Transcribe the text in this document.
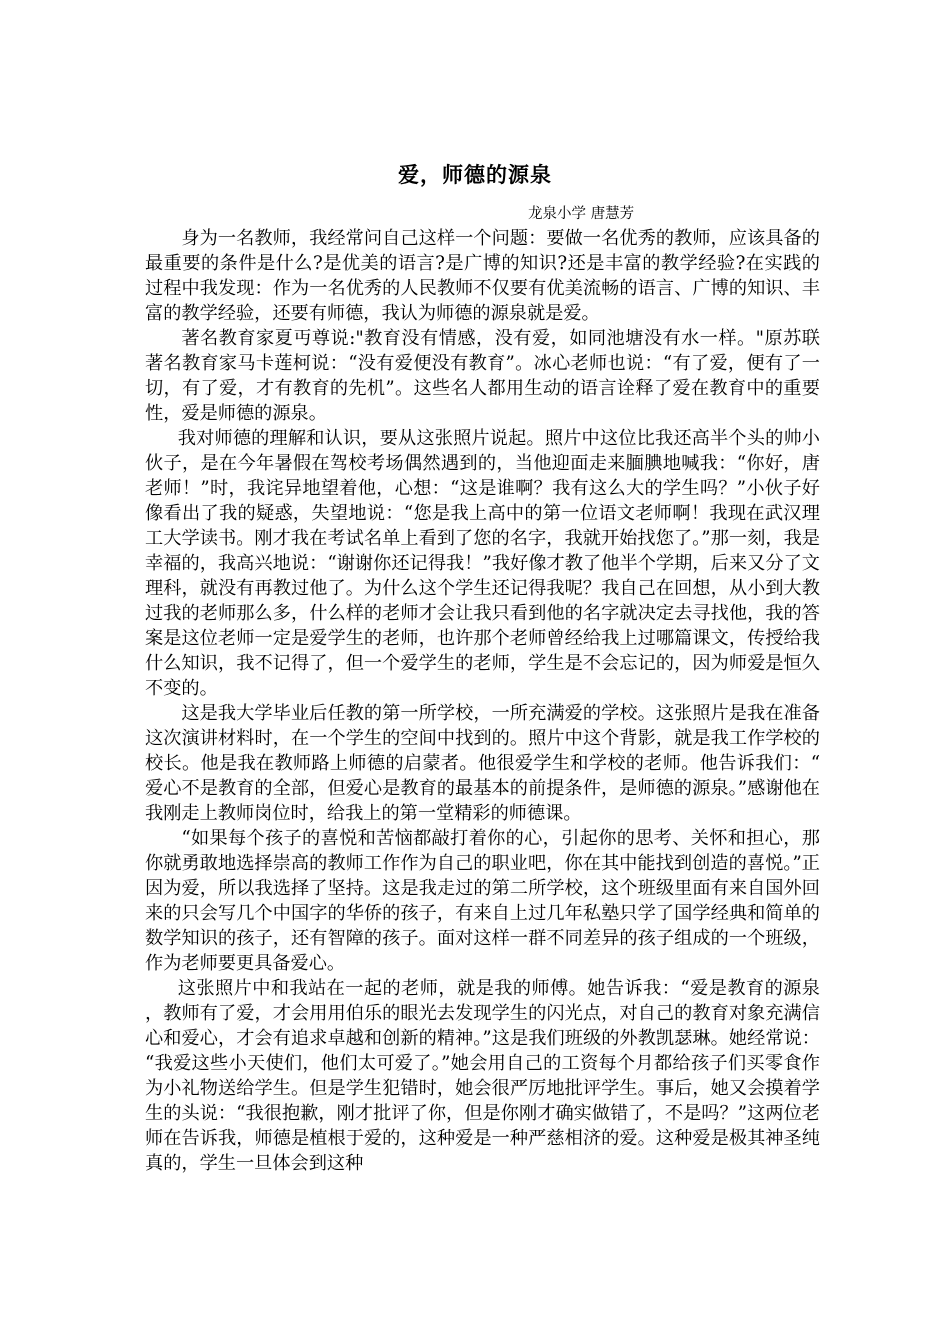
爱，师德的源泉
龙泉小学 唐慧芳

身为一名教师，我经常问自己这样一个问题：要做一名优秀的教师，应该具备的最重要的条件是什么?是优美的语言?是广博的知识?还是丰富的教学经验?在实践的过程中我发现：作为一名优秀的人民教师不仅要有优美流畅的语言、广博的知识、丰富的教学经验，还要有师德，我认为师德的源泉就是爱。

著名教育家夏丏尊说:"教育没有情感，没有爱，如同池塘没有水一样。"原苏联著名教育家马卡莲柯说：“没有爱便没有教育”。冰心老师也说：“有了爱，便有了一切，有了爱，才有教育的先机”。这些名人都用生动的语言诠释了爱在教育中的重要性，爱是师德的源泉。

我对师德的理解和认识，要从这张照片说起。照片中这位比我还高半个头的帅小伙子，是在今年暑假在驾校考场偶然遇到的，当他迎面走来腼腆地喊我：“你好，唐老师！”时，我诧异地望着他，心想：“这是谁啊？我有这么大的学生吗？”小伙子好像看出了我的疑惑，失望地说：“您是我上高中的第一位语文老师啊！我现在武汉理工大学读书。刚才我在考试名单上看到了您的名字，我就开始找您了。”那一刻，我是幸福的，我高兴地说：“谢谢你还记得我！”我好像才教了他半个学期，后来又分了文理科，就没有再教过他了。为什么这个学生还记得我呢？我自己在回想，从小到大教过我的老师那么多，什么样的老师才会让我只看到他的名字就决定去寻找他，我的答案是这位老师一定是爱学生的老师，也许那个老师曾经给我上过哪篇课文，传授给我什么知识，我不记得了，但一个爱学生的老师，学生是不会忘记的，因为师爱是恒久不变的。

这是我大学毕业后任教的第一所学校，一所充满爱的学校。这张照片是我在准备这次演讲材料时，在一个学生的空间中找到的。照片中这个背影，就是我工作学校的校长。他是我在教师路上师德的启蒙者。他很爱学生和学校的老师。他告诉我们：“爱心不是教育的全部，但爱心是教育的最基本的前提条件，是师德的源泉。”感谢他在我刚走上教师岗位时，给我上的第一堂精彩的师德课。

“如果每个孩子的喜悦和苦恼都敲打着你的心，引起你的思考、关怀和担心，那你就勇敢地选择崇高的教师工作作为自己的职业吧，你在其中能找到创造的喜悦。”正因为爱，所以我选择了坚持。这是我走过的第二所学校，这个班级里面有来自国外回来的只会写几个中国字的华侨的孩子，有来自上过几年私塾只学了国学经典和简单的数学知识的孩子，还有智障的孩子。面对这样一群不同差异的孩子组成的一个班级，作为老师要更具备爱心。

这张照片中和我站在一起的老师，就是我的师傅。她告诉我：“爱是教育的源泉，教师有了爱，才会用用伯乐的眼光去发现学生的闪光点，对自己的教育对象充满信心和爱心，才会有追求卓越和创新的精神。”这是我们班级的外教凯瑟琳。她经常说：“我爱这些小天使们，他们太可爱了。”她会用自己的工资每个月都给孩子们买零食作为小礼物送给学生。但是学生犯错时，她会很严厉地批评学生。事后，她又会摸着学生的头说：“我很抱歉，刚才批评了你，但是你刚才确实做错了，不是吗？”这两位老师在告诉我，师德是植根于爱的，这种爱是一种严慈相济的爱。这种爱是极其神圣纯真的，学生一旦体会到这种
